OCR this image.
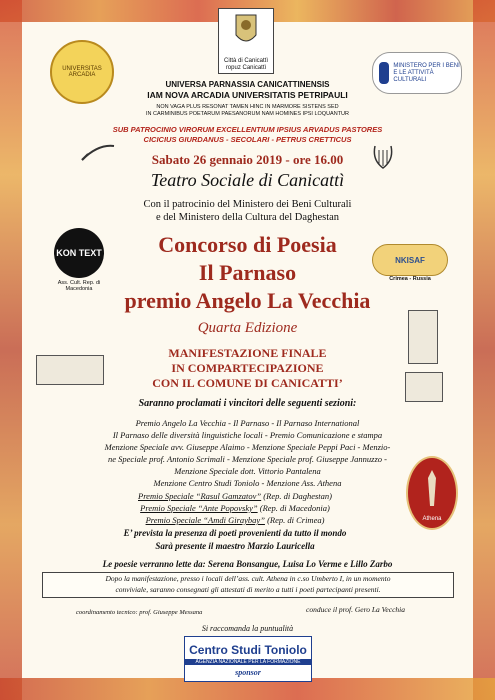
Città di Canicattì ropuz Canicattì
UNIVERSITAS ARCADIA
MINISTERO PER I BENI E LE ATTIVITÀ CULTURALI
UNIVERSA PARNASSIA CANICATTINENSIS
IAM NOVA ARCADIA UNIVERSITATIS PETRIPAULI
NON VAGA PLUS RESONAT TAMEN HINC IN MARMORE SISTENS SED
IN CARMINIBUS POETARUM PAESANORUM NAM HOMINES IPSI LOQUANTUR
SUB PATROCINIO VIRORUM EXCELLENTIUM IPSIUS ARVADUS PASTORES
CICICIUS GIURDANUS - SECOLARI - PETRUS CRETTICUS
Sabato 26 gennaio 2019 - ore 16.00
Teatro Sociale di Canicattì
Con il patrocinio del Ministero dei Beni Culturali
e del Ministero della Cultura del Daghestan
KON TEXT
Ass. Cult. Rep. di Macedonia
NKISAF
Crimea - Russia
Concorso di Poesia
Il Parnaso
premio Angelo La Vecchia
Quarta Edizione
MANIFESTAZIONE FINALE
IN COMPARTECIPAZIONE
CON IL COMUNE DI CANICATTI’
Saranno proclamati i vincitori delle seguenti sezioni:
Premio Angelo La Vecchia - Il Parnaso - Il Parnaso International
Il Parnaso delle diversità linguistiche locali - Premio Comunicazione e stampa
Menzione Speciale avv. Giuseppe Alaimo - Menzione Speciale Peppi Paci - Menzio-
ne Speciale prof. Antonio Scrimali - Menzione Speciale prof. Giuseppe Jannuzzo -
Menzione Speciale dott. Vittorio Pantalena
Menzione Centro Studi Toniolo - Menzione Ass. Athena
Premio Speciale “Rasul Gamzatov” (Rep. di Daghestan)
Premio Speciale “Ante Popovsky” (Rep. di Macedonia)
Premio Speciale “Amdi Giraybay” (Rep. di Crimea)	Athena
E’ prevista la presenza di poeti provenienti da tutto il mondo
Sarà presente il maestro Marzio Lauricella
Le poesie verranno lette da: Serena Bonsangue, Luisa Lo Verme e Lillo Zarbo
Dopo la manifestazione, presso i locali dell’ass. cult. Athena in c.so Umberto I, in un momento
conviviale, saranno consegnati gli attestati di merito a tutti i poeti partecipanti presenti.
coordinamento tecnico: prof. Giuseppe Messana	conduce il prof. Gero La Vecchia
Si raccomanda la puntualità
Centro Studi Toniolo
AGENZIA NAZIONALE PER LA FORMAZIONE
sponsor
